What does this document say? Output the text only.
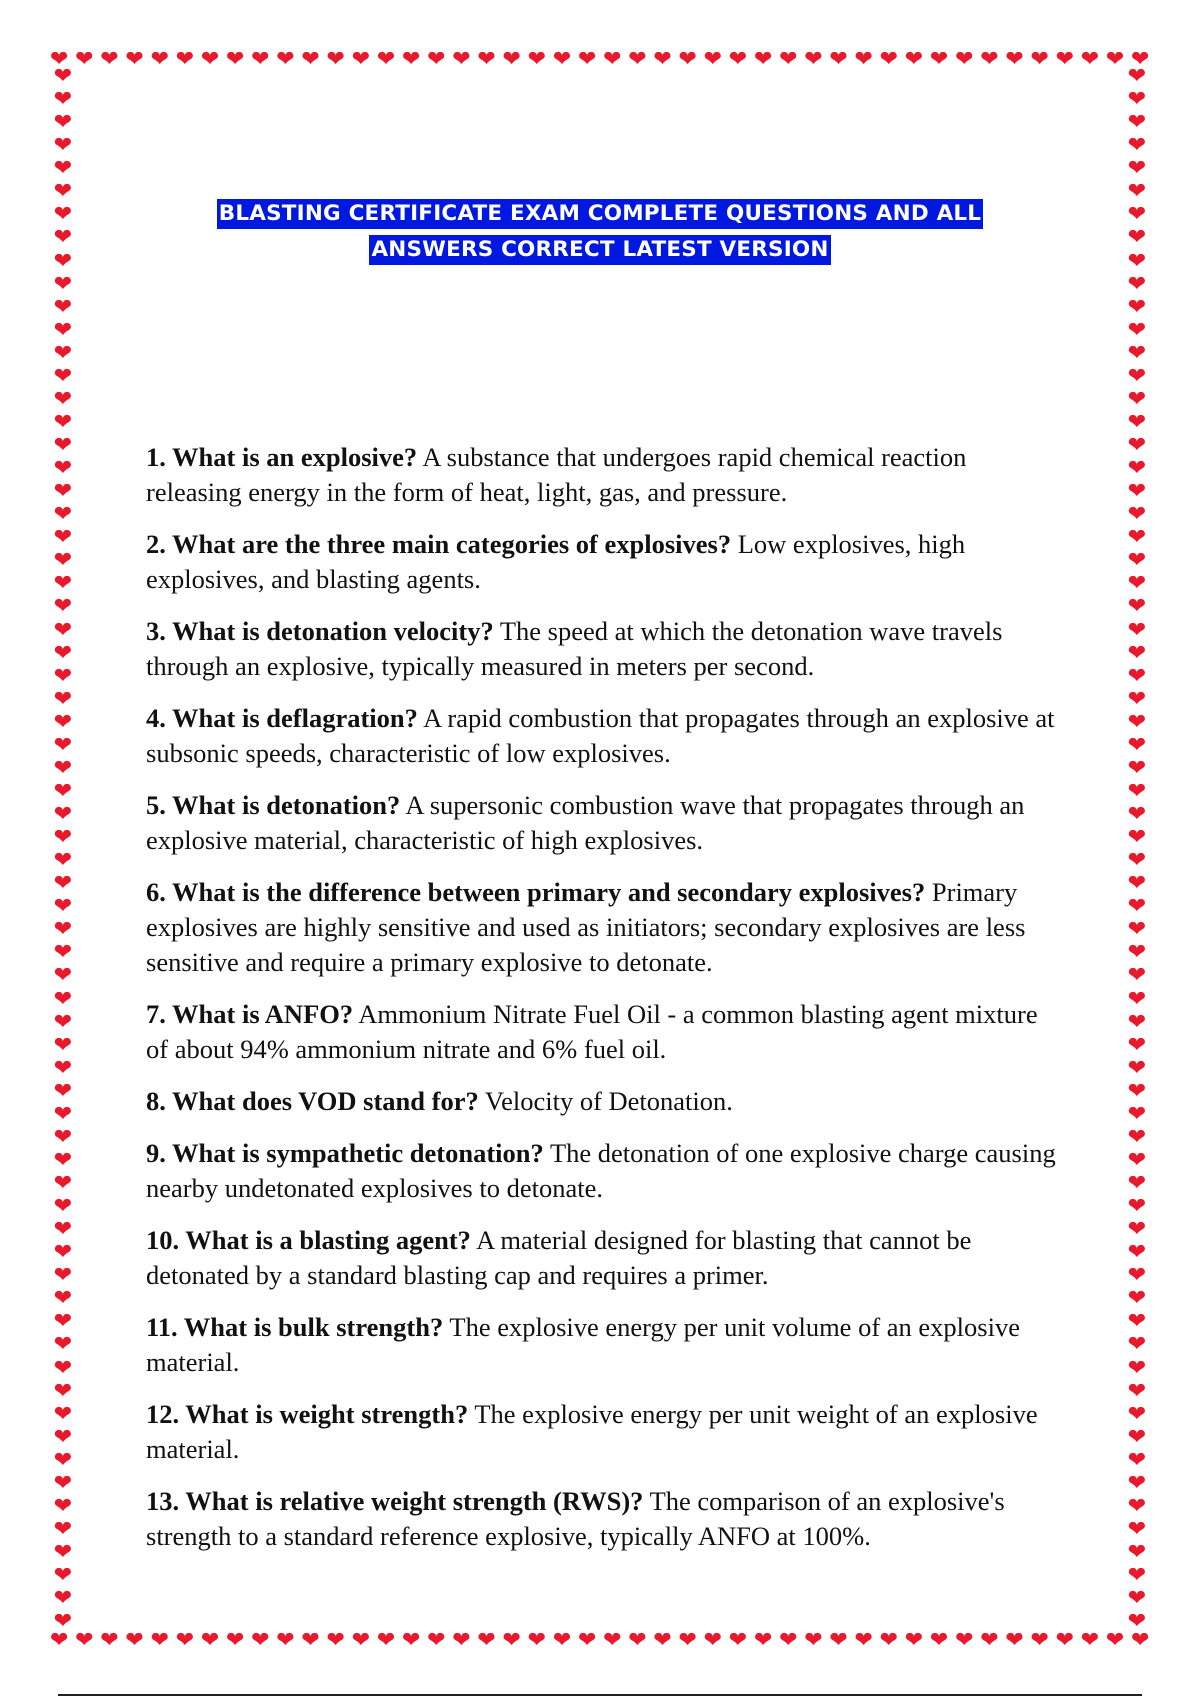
❤ ❤ ❤ ❤ ❤ ❤ ❤ ❤ ❤ ❤ ❤ ❤ ❤ ❤ ❤ ❤ ❤ ❤ ❤ ❤ ❤ ❤ ❤ ❤ ❤ ❤ ❤ ❤ ❤ ❤ ❤ ❤ ❤ ❤ ❤ ❤ ❤ ❤ ❤ ❤ ❤ ❤ ❤ ❤
❤ ❤ ❤ ❤ ❤ ❤ ❤ ❤ ❤ ❤ ❤ ❤ ❤ ❤ ❤ ❤ ❤ ❤ ❤ ❤ ❤ ❤ ❤ ❤ ❤ ❤ ❤ ❤ ❤ ❤ ❤ ❤ ❤ ❤ ❤ ❤ ❤ ❤ ❤ ❤ ❤ ❤ ❤ ❤
❤
❤
❤
❤
❤
❤
❤
❤
❤
❤
❤
❤
❤
❤
❤
❤
❤
❤
❤
❤
❤
❤
❤
❤
❤
❤
❤
❤
❤
❤
❤
❤
❤
❤
❤
❤
❤
❤
❤
❤
❤
❤
❤
❤
❤
❤
❤
❤
❤
❤
❤
❤
❤
❤
❤
❤
❤
❤
❤
❤
❤
❤
❤
❤
❤
❤
❤
❤
❤
❤
❤
❤
❤
❤
❤
❤
❤
❤
❤
❤
❤
❤
❤
❤
❤
❤
❤
❤
❤
❤
❤
❤
❤
❤
❤
❤
❤
❤
❤
❤
❤
❤
❤
❤
❤
❤
❤
❤
❤
❤
❤
❤
❤
❤
❤
❤
❤
❤
❤
❤
❤
❤
❤
❤
❤
❤
❤
❤
❤
❤
❤
❤
❤
❤
❤
❤
BLASTING CERTIFICATE EXAM COMPLETE QUESTIONS AND ALL
ANSWERS CORRECT LATEST VERSION
1. What is an explosive? A substance that undergoes rapid chemical reaction releasing energy in the form of heat, light, gas, and pressure.
2. What are the three main categories of explosives? Low explosives, high explosives, and blasting agents.
3. What is detonation velocity? The speed at which the detonation wave travels through an explosive, typically measured in meters per second.
4. What is deflagration? A rapid combustion that propagates through an explosive at subsonic speeds, characteristic of low explosives.
5. What is detonation? A supersonic combustion wave that propagates through an explosive material, characteristic of high explosives.
6. What is the difference between primary and secondary explosives? Primary explosives are highly sensitive and used as initiators; secondary explosives are less sensitive and require a primary explosive to detonate.
7. What is ANFO? Ammonium Nitrate Fuel Oil - a common blasting agent mixture of about 94% ammonium nitrate and 6% fuel oil.
8. What does VOD stand for? Velocity of Detonation.
9. What is sympathetic detonation? The detonation of one explosive charge causing nearby undetonated explosives to detonate.
10. What is a blasting agent? A material designed for blasting that cannot be detonated by a standard blasting cap and requires a primer.
11. What is bulk strength? The explosive energy per unit volume of an explosive material.
12. What is weight strength? The explosive energy per unit weight of an explosive material.
13. What is relative weight strength (RWS)? The comparison of an explosive's strength to a standard reference explosive, typically ANFO at 100%.
